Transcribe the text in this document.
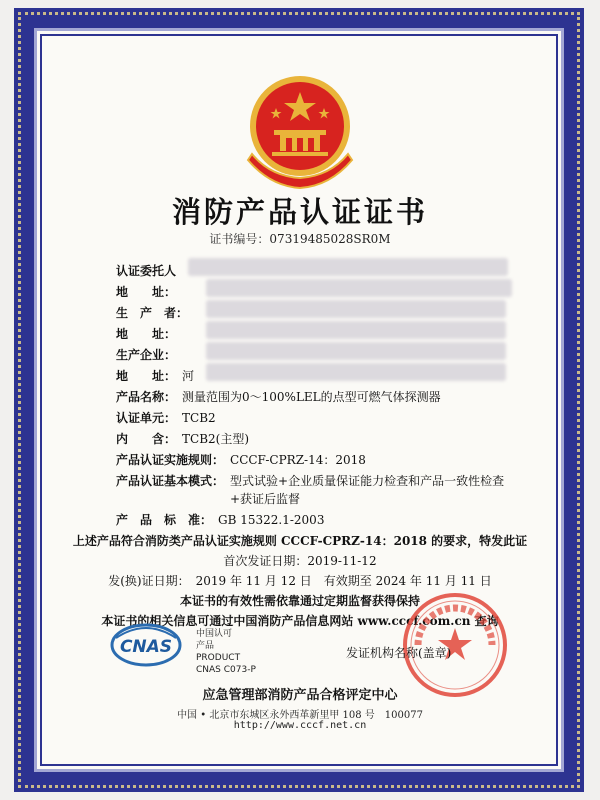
消防产品认证证书
证书编号：07319485028SR0M
认证委托人
地　　址：
生　产　者：
地　　址：
生产企业：
地　　址： 河
产品名称： 测量范围为0～100%LEL的点型可燃气体探测器
认证单元： TCB2
内　　含： TCB2(主型)
产品认证实施规则： CCCF-CPRZ-14：2018
产品认证基本模式： 型式试验+企业质量保证能力检查和产品一致性检查
+获证后监督
产　品　标　准： GB 15322.1-2003
上述产品符合消防类产品认证实施规则 CCCF-CPRZ-14：2018 的要求，特发此证
首次发证日期：2019-11-12
发(换)证日期：　2019 年 11 月 12 日　有效期至 2024 年 11 月 11 日
本证书的有效性需依靠通过定期监督获得保持
本证书的相关信息可通过中国消防产品信息网站 www.cccf.com.cn 查询
CNAS
中国认可
产品
PRODUCT
CNAS C073-P
发证机构名称(盖章)
应急管理部消防产品合格评定中心
中国 • 北京市东城区永外西革新里甲 108 号　100077
http://www.cccf.net.cn
